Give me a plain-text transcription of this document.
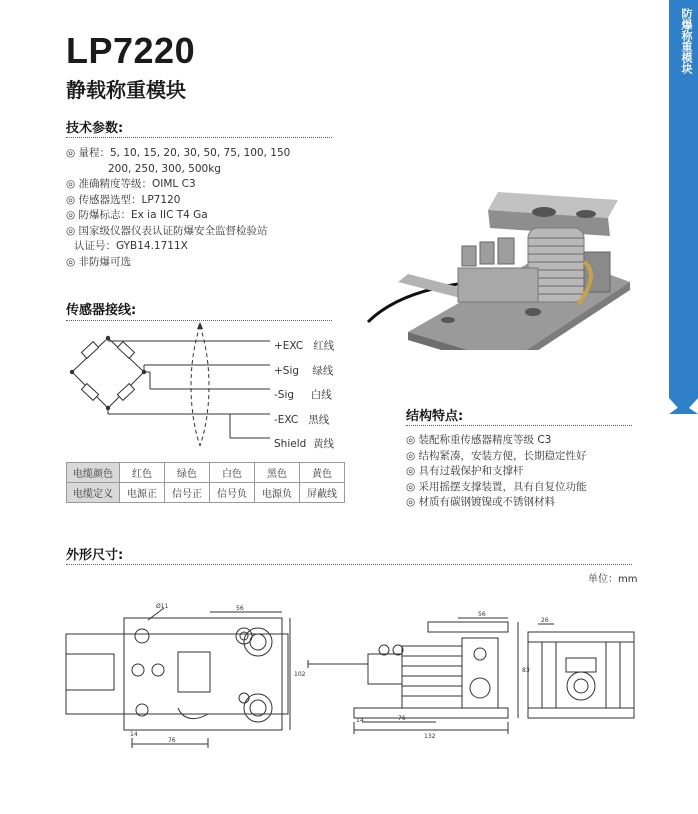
LP7220
静载称重模块
防爆称重模块
技术参数:
◎ 量程：5, 10, 15, 20, 30, 50, 75, 100, 150
200, 250, 300, 500kg
◎ 准确精度等级：OIML C3
◎ 传感器选型：LP7120
◎ 防爆标志：Ex ia IIC T4 Ga
◎ 国家级仪器仪表认证防爆安全监督检验站
认证号：GYB14.1711X
◎ 非防爆可选
传感器接线:
+EXC 红线
+Sig 绿线
-Sig 白线
-EXC 黑线
Shield 黄线
电缆颜色	红色	绿色	白色	黑色	黄色
电缆定义	电源正	信号正	信号负	电源负	屏蔽线
结构特点:
◎ 装配称重传感器精度等级 C3
◎ 结构紧凑，安装方便，长期稳定性好
◎ 具有过载保护和支撑杆
◎ 采用摇摆支撑装置，具有自复位功能
◎ 材质有碳钢镀镍或不锈钢材料
外形尺寸:
单位：mm
Ø11	56
102
14
76
56
83
14	76
132
26
